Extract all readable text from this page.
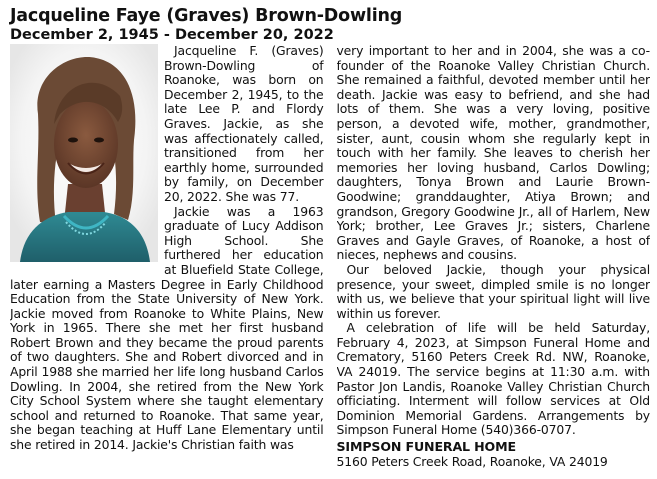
Jacqueline Faye (Graves) Brown-Dowling
December 2, 1945 - December 20, 2022

Jacqueline F. (Graves) Brown-Dowling of Roanoke, was born on December 2, 1945, to the late Lee P. and Flordy Graves. Jackie, as she was affectionately called, transitioned from her earthly home, surrounded by family, on December 20, 2022. She was 77.

Jackie was a 1963 graduate of Lucy Addison High School. She furthered her education at Bluefield State College, later earning a Masters Degree in Early Childhood Education from the State University of New York. Jackie moved from Roanoke to White Plains, New York in 1965. There she met her first husband Robert Brown and they became the proud parents of two daughters. She and Robert divorced and in April 1988 she married her life long husband Carlos Dowling. In 2004, she retired from the New York City School System where she taught elementary school and returned to Roanoke. That same year, she began teaching at Huff Lane Elementary until she retired in 2014. Jackie's Christian faith was

very important to her and in 2004, she was a co-founder of the Roanoke Valley Christian Church. She remained a faithful, devoted member until her death. Jackie was easy to befriend, and she had lots of them. She was a very loving, positive person, a devoted wife, mother, grandmother, sister, aunt, cousin whom she regularly kept in touch with her family. She leaves to cherish her memories her loving husband, Carlos Dowling; daughters, Tonya Brown and Laurie Brown-Goodwine; granddaughter, Atiya Brown; and grandson, Gregory Goodwine Jr., all of Harlem, New York; brother, Lee Graves Jr.; sisters, Charlene Graves and Gayle Graves, of Roanoke, a host of nieces, nephews and cousins.

Our beloved Jackie, though your physical presence, your sweet, dimpled smile is no longer with us, we believe that your spiritual light will live within us forever.

A celebration of life will be held Saturday, February 4, 2023, at Simpson Funeral Home and Crematory, 5160 Peters Creek Rd. NW, Roanoke, VA 24019. The service begins at 11:30 a.m. with Pastor Jon Landis, Roanoke Valley Christian Church officiating. Interment will follow services at Old Dominion Memorial Gardens. Arrangements by Simpson Funeral Home (540)366-0707.

SIMPSON FUNERAL HOME
5160 Peters Creek Road, Roanoke, VA 24019
